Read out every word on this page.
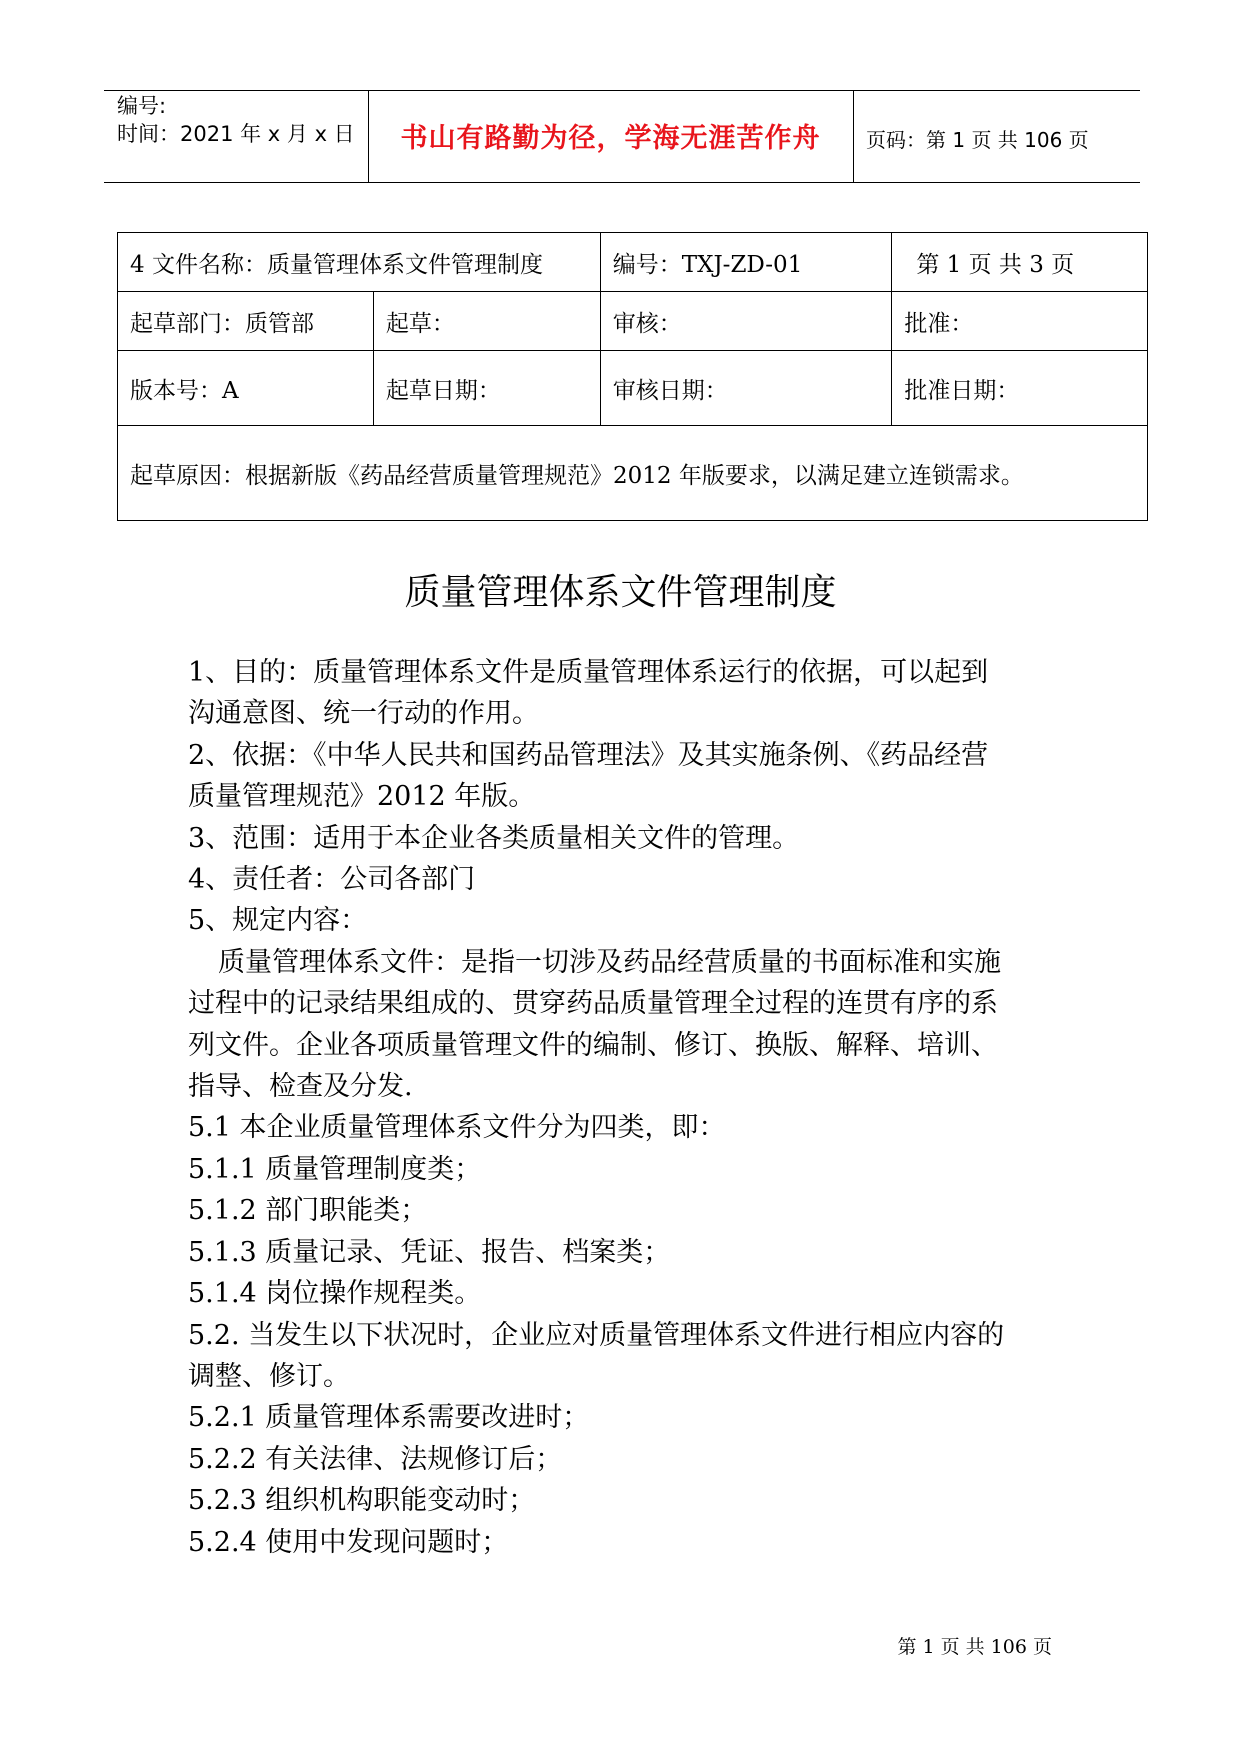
编号:
时间：2021 年 x 月 x 日	书山有路勤为径，学海无涯苦作舟	页码：第 1 页 共 106 页
4 文件名称：质量管理体系文件管理制度		编号：TXJ-ZD-01	第 1 页 共 3 页
起草部门：质管部	起草：	审核：	批准：
版本号：A	起草日期：	审核日期：	批准日期：
起草原因：根据新版《药品经营质量管理规范》2012 年版要求，以满足建立连锁需求。			
质量管理体系文件管理制度

1、目的：质量管理体系文件是质量管理体系运行的依据，可以起到

沟通意图、统一行动的作用。

2、依据：《中华人民共和国药品管理法》及其实施条例、《药品经营

质量管理规范》2012 年版。

3、范围：适用于本企业各类质量相关文件的管理。

4、责任者：公司各部门

5、规定内容：

质量管理体系文件：是指一切涉及药品经营质量的书面标准和实施

过程中的记录结果组成的、贯穿药品质量管理全过程的连贯有序的系

列文件。企业各项质量管理文件的编制、修订、换版、解释、培训、

指导、检查及分发.

5.1 本企业质量管理体系文件分为四类，即：

5.1.1 质量管理制度类；

5.1.2 部门职能类；

5.1.3 质量记录、凭证、报告、档案类；

5.1.4 岗位操作规程类。

5.2. 当发生以下状况时，企业应对质量管理体系文件进行相应内容的

调整、修订。

5.2.1 质量管理体系需要改进时；

5.2.2 有关法律、法规修订后；

5.2.3 组织机构职能变动时；

5.2.4 使用中发现问题时；

第 1 页 共 106 页
